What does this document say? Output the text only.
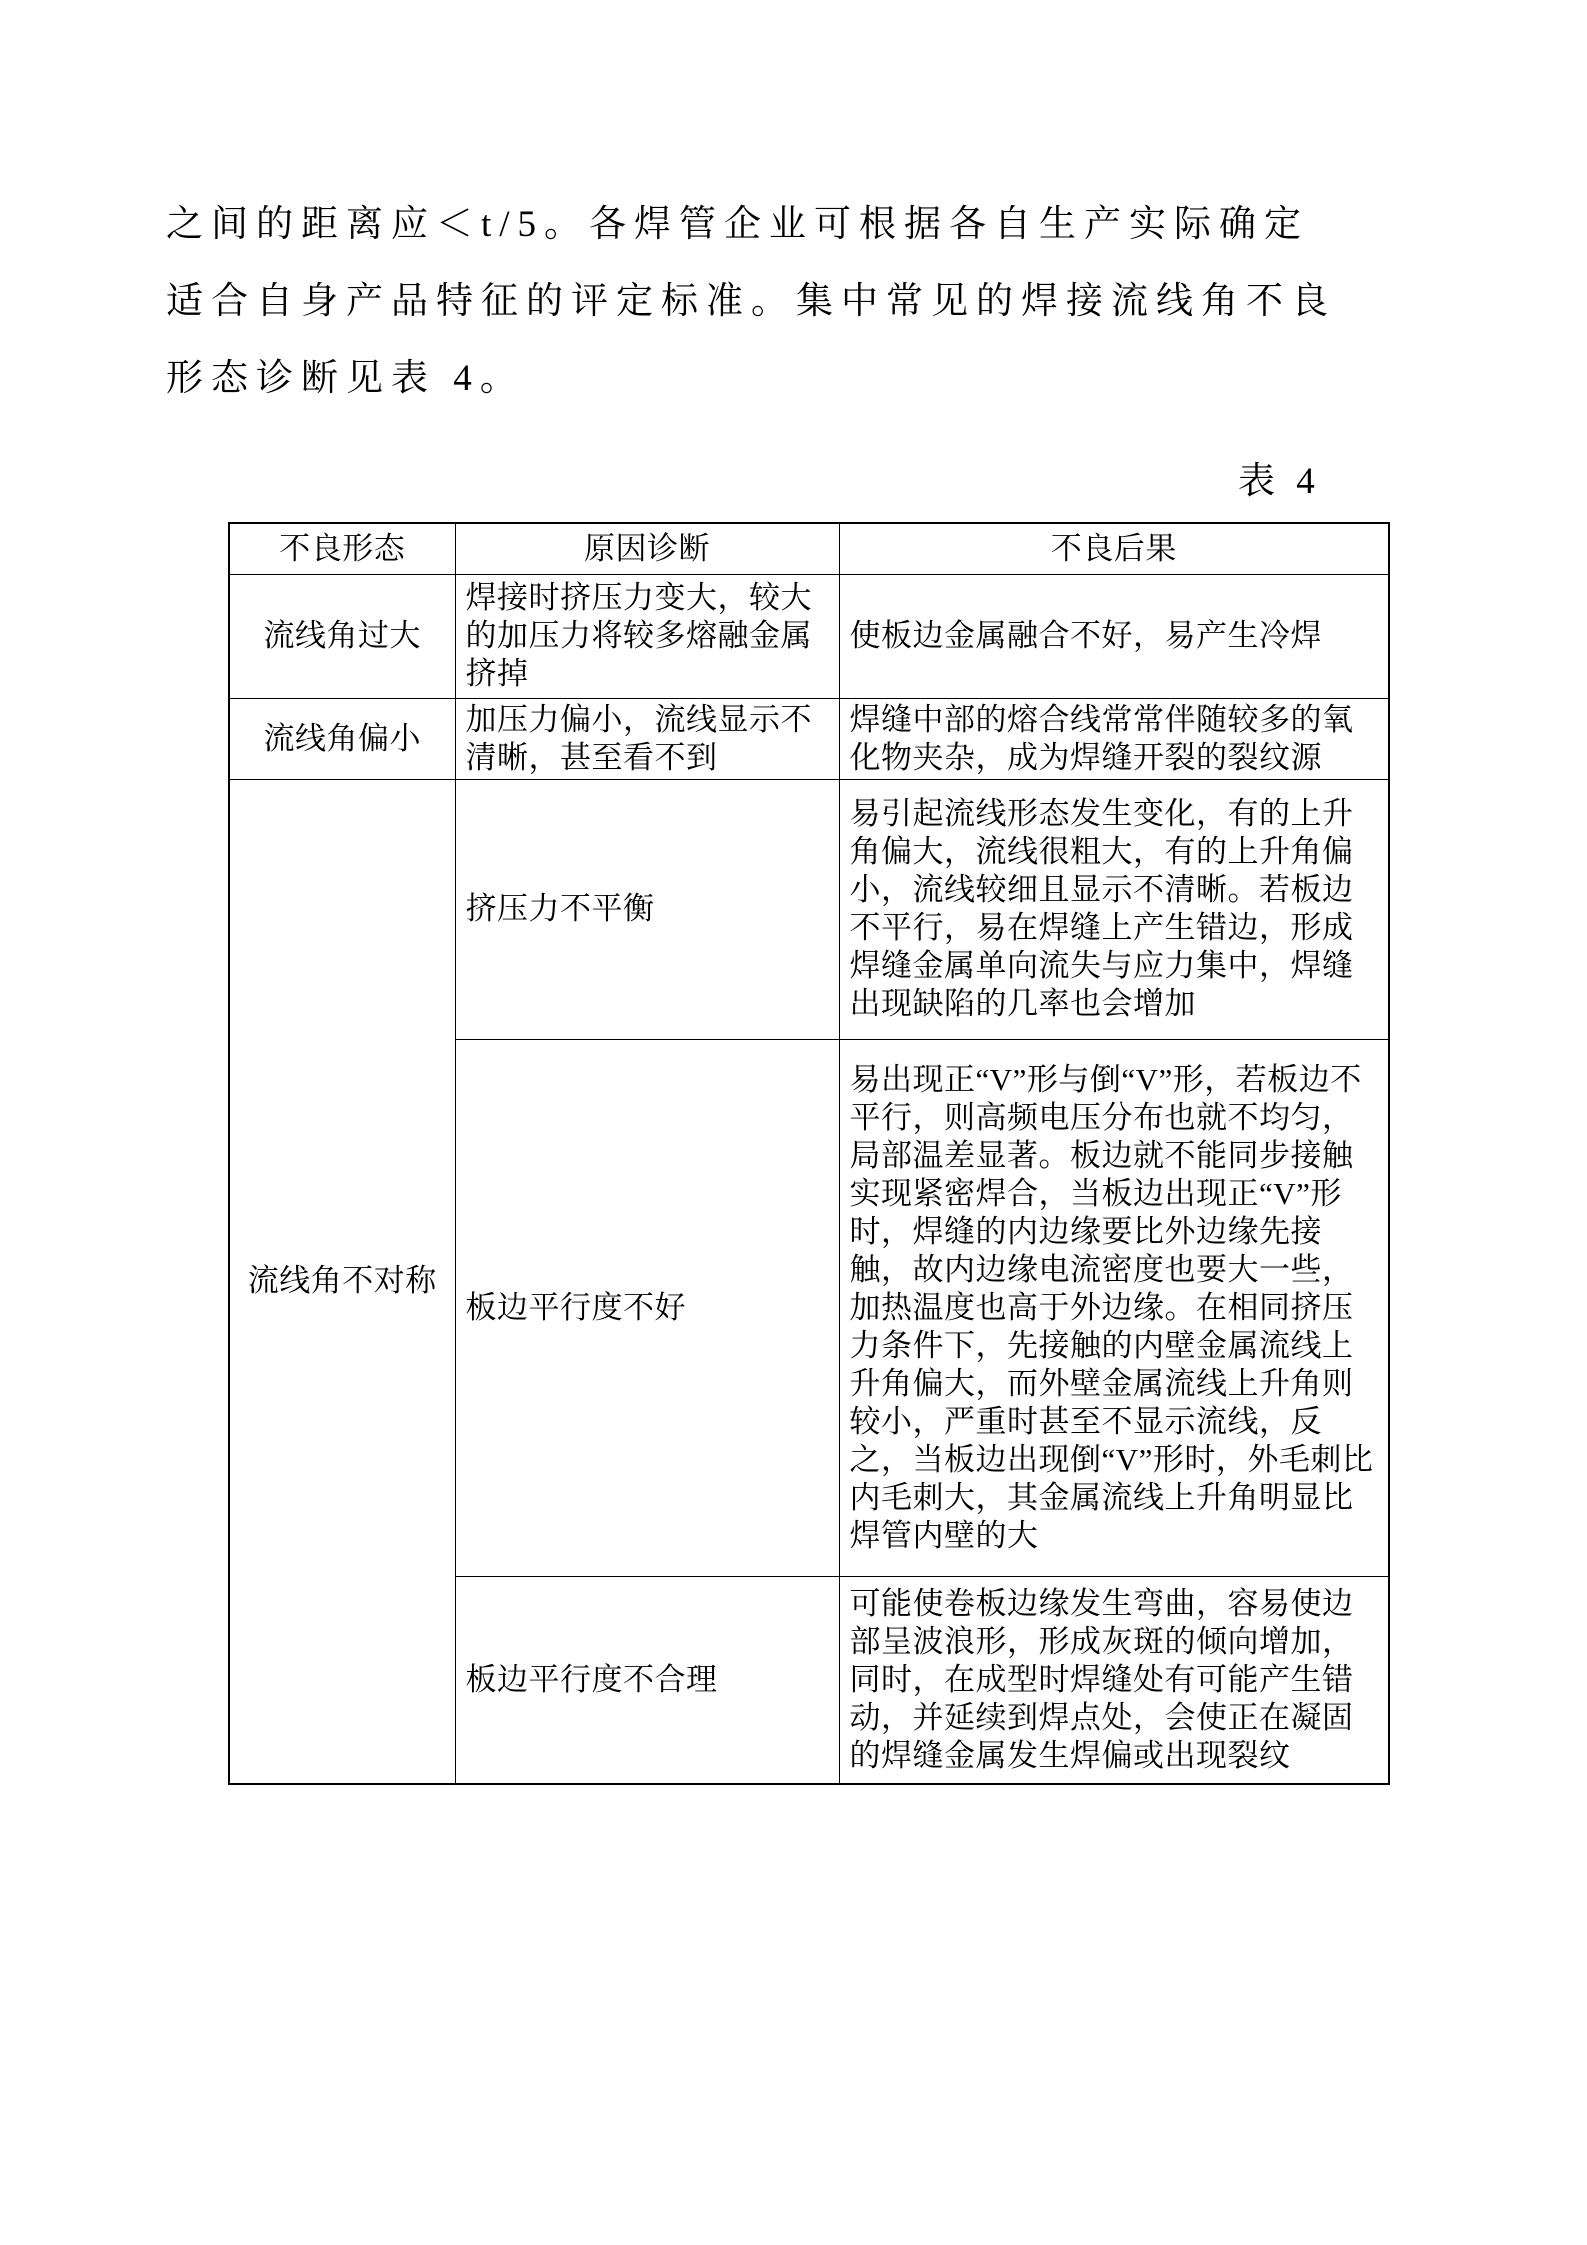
之间的距离应＜t/5。各焊管企业可根据各自生产实际确定
适合自身产品特征的评定标准。集中常见的焊接流线角不良
形态诊断见表 4。
表 4
不良形态	原因诊断	不良后果
流线角过大	焊接时挤压力变大，较大的加压力将较多熔融金属挤掉	使板边金属融合不好，易产生冷焊
流线角偏小	加压力偏小，流线显示不清晰，甚至看不到	焊缝中部的熔合线常常伴随较多的氧化物夹杂，成为焊缝开裂的裂纹源
流线角不对称	挤压力不平衡	易引起流线形态发生变化，有的上升角偏大，流线很粗大，有的上升角偏小，流线较细且显示不清晰。若板边不平行，易在焊缝上产生错边，形成焊缝金属单向流失与应力集中，焊缝出现缺陷的几率也会增加
	板边平行度不好	易出现正“V”形与倒“V”形，若板边不平行，则高频电压分布也就不均匀，局部温差显著。板边就不能同步接触实现紧密焊合，当板边出现正“V”形时，焊缝的内边缘要比外边缘先接触，故内边缘电流密度也要大一些，加热温度也高于外边缘。在相同挤压力条件下，先接触的内壁金属流线上升角偏大，而外壁金属流线上升角则较小，严重时甚至不显示流线，反之，当板边出现倒“V”形时，外毛刺比内毛刺大，其金属流线上升角明显比焊管内壁的大
	板边平行度不合理	可能使卷板边缘发生弯曲，容易使边部呈波浪形，形成灰斑的倾向增加，同时，在成型时焊缝处有可能产生错动，并延续到焊点处，会使正在凝固的焊缝金属发生焊偏或出现裂纹
